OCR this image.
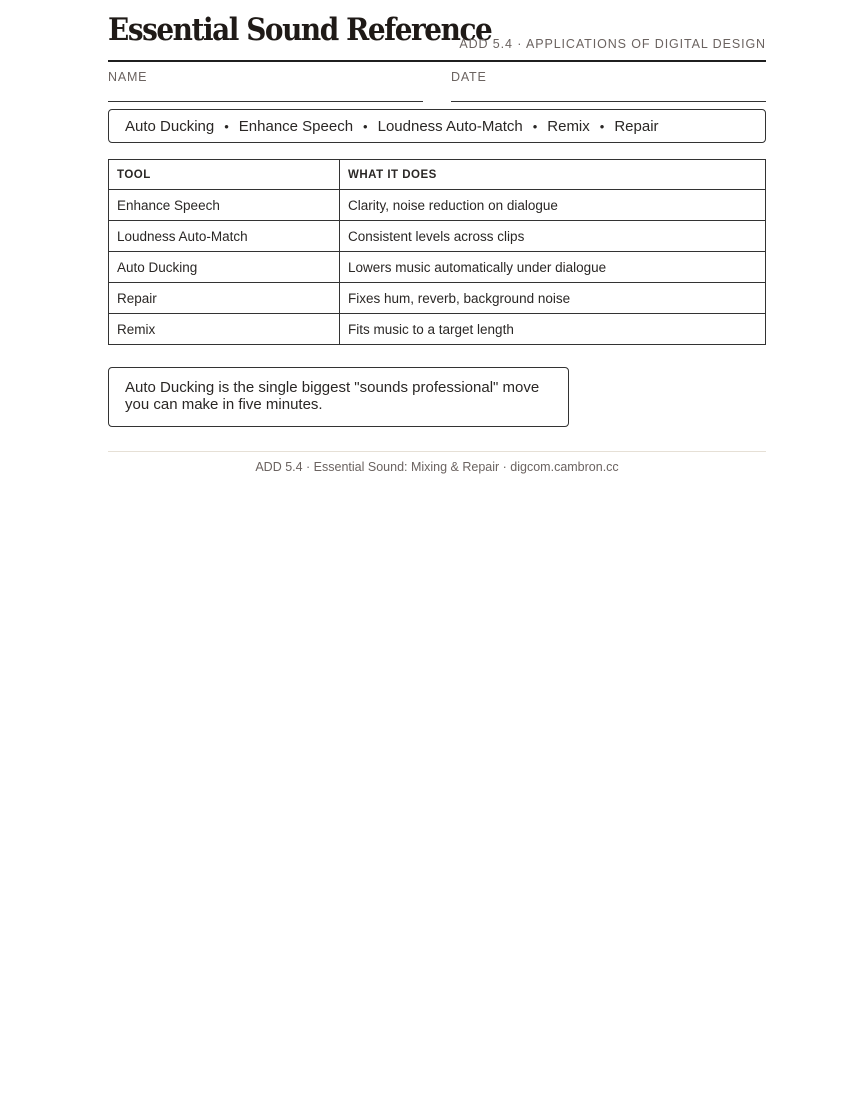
Essential Sound Reference
ADD 5.4 · APPLICATIONS OF DIGITAL DESIGN
NAME	DATE
Auto Ducking • Enhance Speech • Loudness Auto-Match • Remix • Repair
TOOL	WHAT IT DOES
Enhance Speech	Clarity, noise reduction on dialogue
Loudness Auto-Match	Consistent levels across clips
Auto Ducking	Lowers music automatically under dialogue
Repair	Fixes hum, reverb, background noise
Remix	Fits music to a target length
Auto Ducking is the single biggest "sounds professional" move you can make in five minutes.
ADD 5.4 · Essential Sound: Mixing & Repair · digcom.cambron.cc
